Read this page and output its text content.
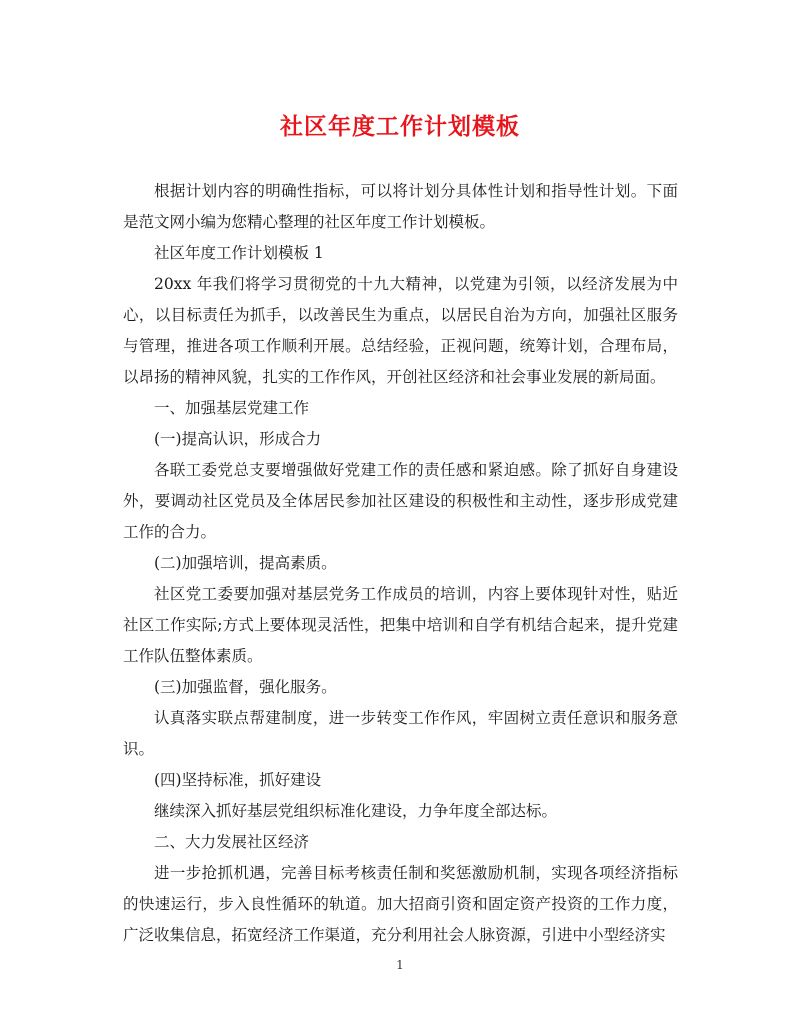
社区年度工作计划模板

根据计划内容的明确性指标，可以将计划分具体性计划和指导性计划。下面是范文网小编为您精心整理的社区年度工作计划模板。

社区年度工作计划模板 1

20xx 年我们将学习贯彻党的十九大精神，以党建为引领，以经济发展为中心，以目标责任为抓手，以改善民生为重点，以居民自治为方向，加强社区服务与管理，推进各项工作顺利开展。总结经验，正视问题，统筹计划，合理布局，以昂扬的精神风貌，扎实的工作作风，开创社区经济和社会事业发展的新局面。

一、加强基层党建工作

(一)提高认识，形成合力

各联工委党总支要增强做好党建工作的责任感和紧迫感。除了抓好自身建设外，要调动社区党员及全体居民参加社区建设的积极性和主动性，逐步形成党建工作的合力。

(二)加强培训，提高素质。

社区党工委要加强对基层党务工作成员的培训，内容上要体现针对性，贴近社区工作实际;方式上要体现灵活性，把集中培训和自学有机结合起来，提升党建工作队伍整体素质。

(三)加强监督，强化服务。

认真落实联点帮建制度，进一步转变工作作风，牢固树立责任意识和服务意识。

(四)坚持标准，抓好建设

继续深入抓好基层党组织标准化建设，力争年度全部达标。

二、大力发展社区经济

进一步抢抓机遇，完善目标考核责任制和奖惩激励机制，实现各项经济指标的快速运行，步入良性循环的轨道。加大招商引资和固定资产投资的工作力度，广泛收集信息，拓宽经济工作渠道，充分利用社会人脉资源，引进中小型经济实

1
